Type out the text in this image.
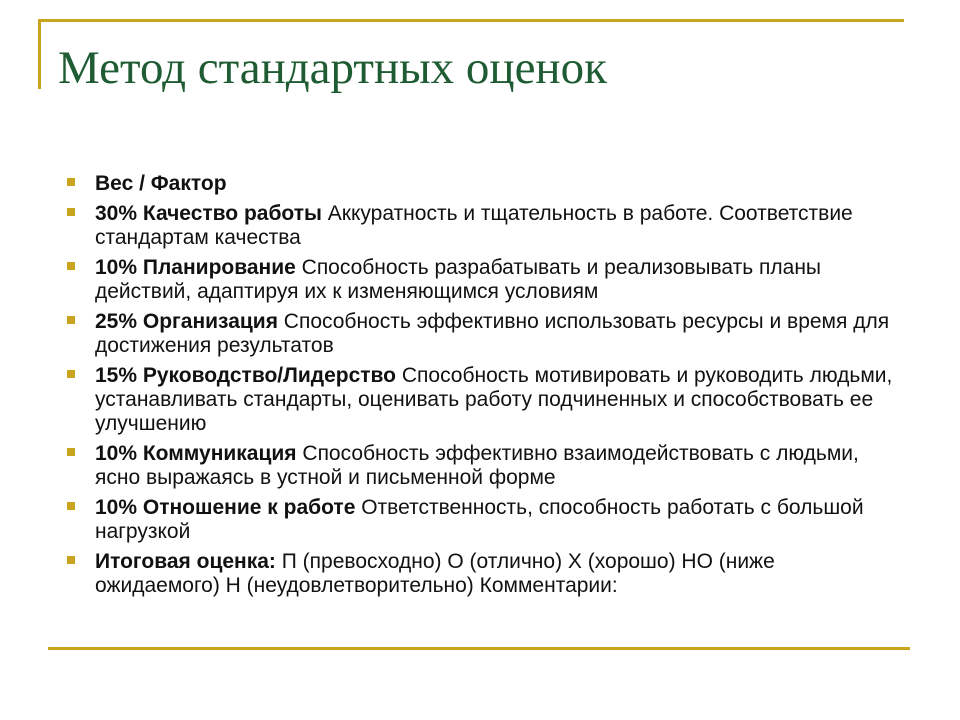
Метод стандартных оценок
Вес / Фактор
30% Качество работы Аккуратность и тщательность в работе. Соответствие стандартам качества
10% Планирование Способность разрабатывать и реализовывать планы действий, адаптируя их к изменяющимся условиям
25% Организация Способность эффективно использовать ресурсы и время для достижения результатов
15% Руководство/Лидерство Способность мотивировать и руководить людьми, устанавливать стандарты, оценивать работу подчиненных и способствовать ее улучшению
10% Коммуникация Способность эффективно взаимодействовать с людьми, ясно выражаясь в устной и письменной форме
10% Отношение к работе Ответственность, способность работать с большой нагрузкой
Итоговая оценка: П (превосходно) О (отлично) Х (хорошо) НО (ниже ожидаемого) Н (неудовлетворительно) Комментарии:
